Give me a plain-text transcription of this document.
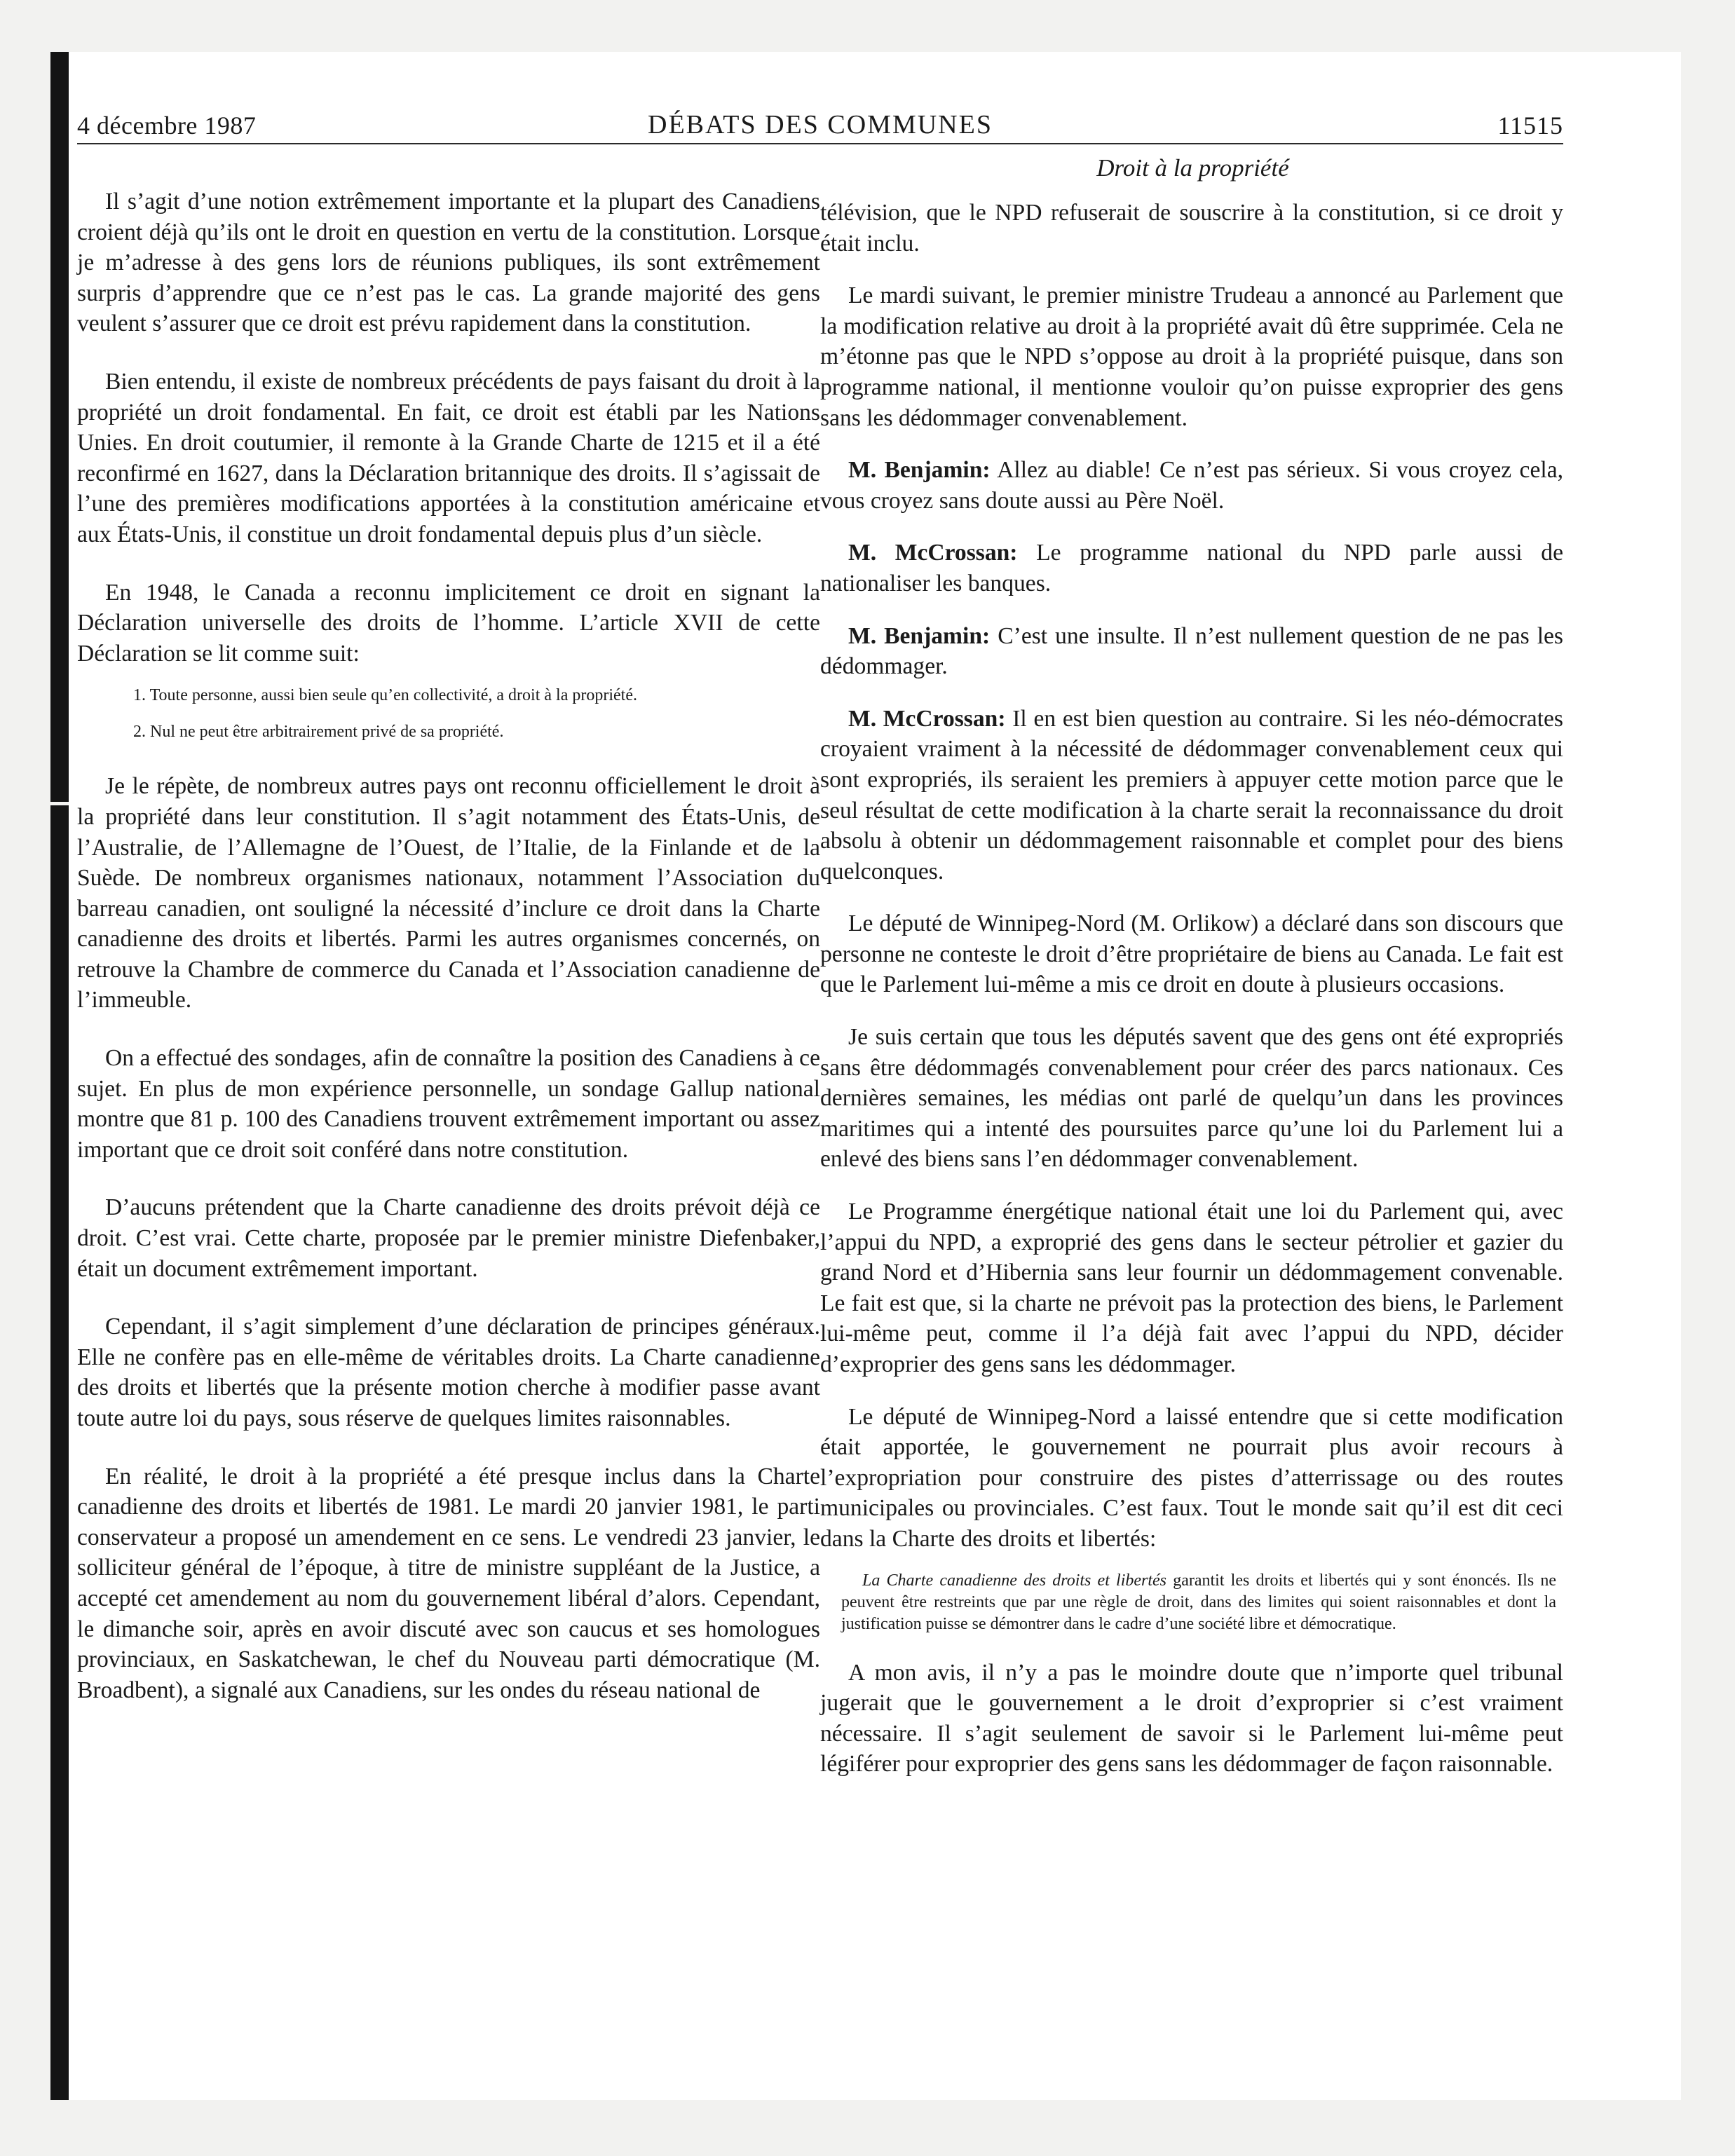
4 décembre 1987	DÉBATS DES COMMUNES	11515
Droit à la propriété

Il s’agit d’une notion extrêmement importante et la plupart des Canadiens croient déjà qu’ils ont le droit en question en vertu de la constitution. Lorsque je m’adresse à des gens lors de réunions publiques, ils sont extrêmement surpris d’apprendre que ce n’est pas le cas. La grande majorité des gens veulent s’assurer que ce droit est prévu rapidement dans la constitution.

Bien entendu, il existe de nombreux précédents de pays faisant du droit à la propriété un droit fondamental. En fait, ce droit est établi par les Nations Unies. En droit coutumier, il remonte à la Grande Charte de 1215 et il a été reconfirmé en 1627, dans la Déclaration britannique des droits. Il s’agissait de l’une des premières modifications apportées à la constitution américaine et aux États-Unis, il constitue un droit fondamental depuis plus d’un siècle.

En 1948, le Canada a reconnu implicitement ce droit en signant la Déclaration universelle des droits de l’homme. L’article XVII de cette Déclaration se lit comme suit:

1. Toute personne, aussi bien seule qu’en collectivité, a droit à la propriété.

2. Nul ne peut être arbitrairement privé de sa propriété.

Je le répète, de nombreux autres pays ont reconnu officiellement le droit à la propriété dans leur constitution. Il s’agit notamment des États-Unis, de l’Australie, de l’Allemagne de l’Ouest, de l’Italie, de la Finlande et de la Suède. De nombreux organismes nationaux, notamment l’Association du barreau canadien, ont souligné la nécessité d’inclure ce droit dans la Charte canadienne des droits et libertés. Parmi les autres organismes concernés, on retrouve la Chambre de commerce du Canada et l’Association canadienne de l’immeuble.

On a effectué des sondages, afin de connaître la position des Canadiens à ce sujet. En plus de mon expérience personnelle, un sondage Gallup national montre que 81 p. 100 des Canadiens trouvent extrêmement important ou assez important que ce droit soit conféré dans notre constitution.

D’aucuns prétendent que la Charte canadienne des droits prévoit déjà ce droit. C’est vrai. Cette charte, proposée par le premier ministre Diefenbaker, était un document extrêmement important.

Cependant, il s’agit simplement d’une déclaration de principes généraux. Elle ne confère pas en elle-même de véritables droits. La Charte canadienne des droits et libertés que la présente motion cherche à modifier passe avant toute autre loi du pays, sous réserve de quelques limites raisonnables.

En réalité, le droit à la propriété a été presque inclus dans la Charte canadienne des droits et libertés de 1981. Le mardi 20 janvier 1981, le parti conservateur a proposé un amendement en ce sens. Le vendredi 23 janvier, le solliciteur général de l’époque, à titre de ministre suppléant de la Justice, a accepté cet amendement au nom du gouvernement libéral d’alors. Cependant, le dimanche soir, après en avoir discuté avec son caucus et ses homologues provinciaux, en Saskatchewan, le chef du Nouveau parti démocratique (M. Broadbent), a signalé aux Canadiens, sur les ondes du réseau national de

télévision, que le NPD refuserait de souscrire à la constitution, si ce droit y était inclu.

Le mardi suivant, le premier ministre Trudeau a annoncé au Parlement que la modification relative au droit à la propriété avait dû être supprimée. Cela ne m’étonne pas que le NPD s’oppose au droit à la propriété puisque, dans son programme national, il mentionne vouloir qu’on puisse exproprier des gens sans les dédommager convenablement.

M. Benjamin: Allez au diable! Ce n’est pas sérieux. Si vous croyez cela, vous croyez sans doute aussi au Père Noël.

M. McCrossan: Le programme national du NPD parle aussi de nationaliser les banques.

M. Benjamin: C’est une insulte. Il n’est nullement question de ne pas les dédommager.

M. McCrossan: Il en est bien question au contraire. Si les néo-démocrates croyaient vraiment à la nécessité de dédommager convenablement ceux qui sont expropriés, ils seraient les premiers à appuyer cette motion parce que le seul résultat de cette modification à la charte serait la reconnaissance du droit absolu à obtenir un dédommagement raisonnable et complet pour des biens quelconques.

Le député de Winnipeg-Nord (M. Orlikow) a déclaré dans son discours que personne ne conteste le droit d’être propriétaire de biens au Canada. Le fait est que le Parlement lui-même a mis ce droit en doute à plusieurs occasions.

Je suis certain que tous les députés savent que des gens ont été expropriés sans être dédommagés convenablement pour créer des parcs nationaux. Ces dernières semaines, les médias ont parlé de quelqu’un dans les provinces maritimes qui a intenté des poursuites parce qu’une loi du Parlement lui a enlevé des biens sans l’en dédommager convenablement.

Le Programme énergétique national était une loi du Parlement qui, avec l’appui du NPD, a exproprié des gens dans le secteur pétrolier et gazier du grand Nord et d’Hibernia sans leur fournir un dédommagement convenable. Le fait est que, si la charte ne prévoit pas la protection des biens, le Parlement lui-même peut, comme il l’a déjà fait avec l’appui du NPD, décider d’exproprier des gens sans les dédommager.

Le député de Winnipeg-Nord a laissé entendre que si cette modification était apportée, le gouvernement ne pourrait plus avoir recours à l’expropriation pour construire des pistes d’atterrissage ou des routes municipales ou provinciales. C’est faux. Tout le monde sait qu’il est dit ceci dans la Charte des droits et libertés:

La Charte canadienne des droits et libertés garantit les droits et libertés qui y sont énoncés. Ils ne peuvent être restreints que par une règle de droit, dans des limites qui soient raisonnables et dont la justification puisse se démontrer dans le cadre d’une société libre et démocratique.

A mon avis, il n’y a pas le moindre doute que n’importe quel tribunal jugerait que le gouvernement a le droit d’exproprier si c’est vraiment nécessaire. Il s’agit seulement de savoir si le Parlement lui-même peut légiférer pour exproprier des gens sans les dédommager de façon raisonnable.
